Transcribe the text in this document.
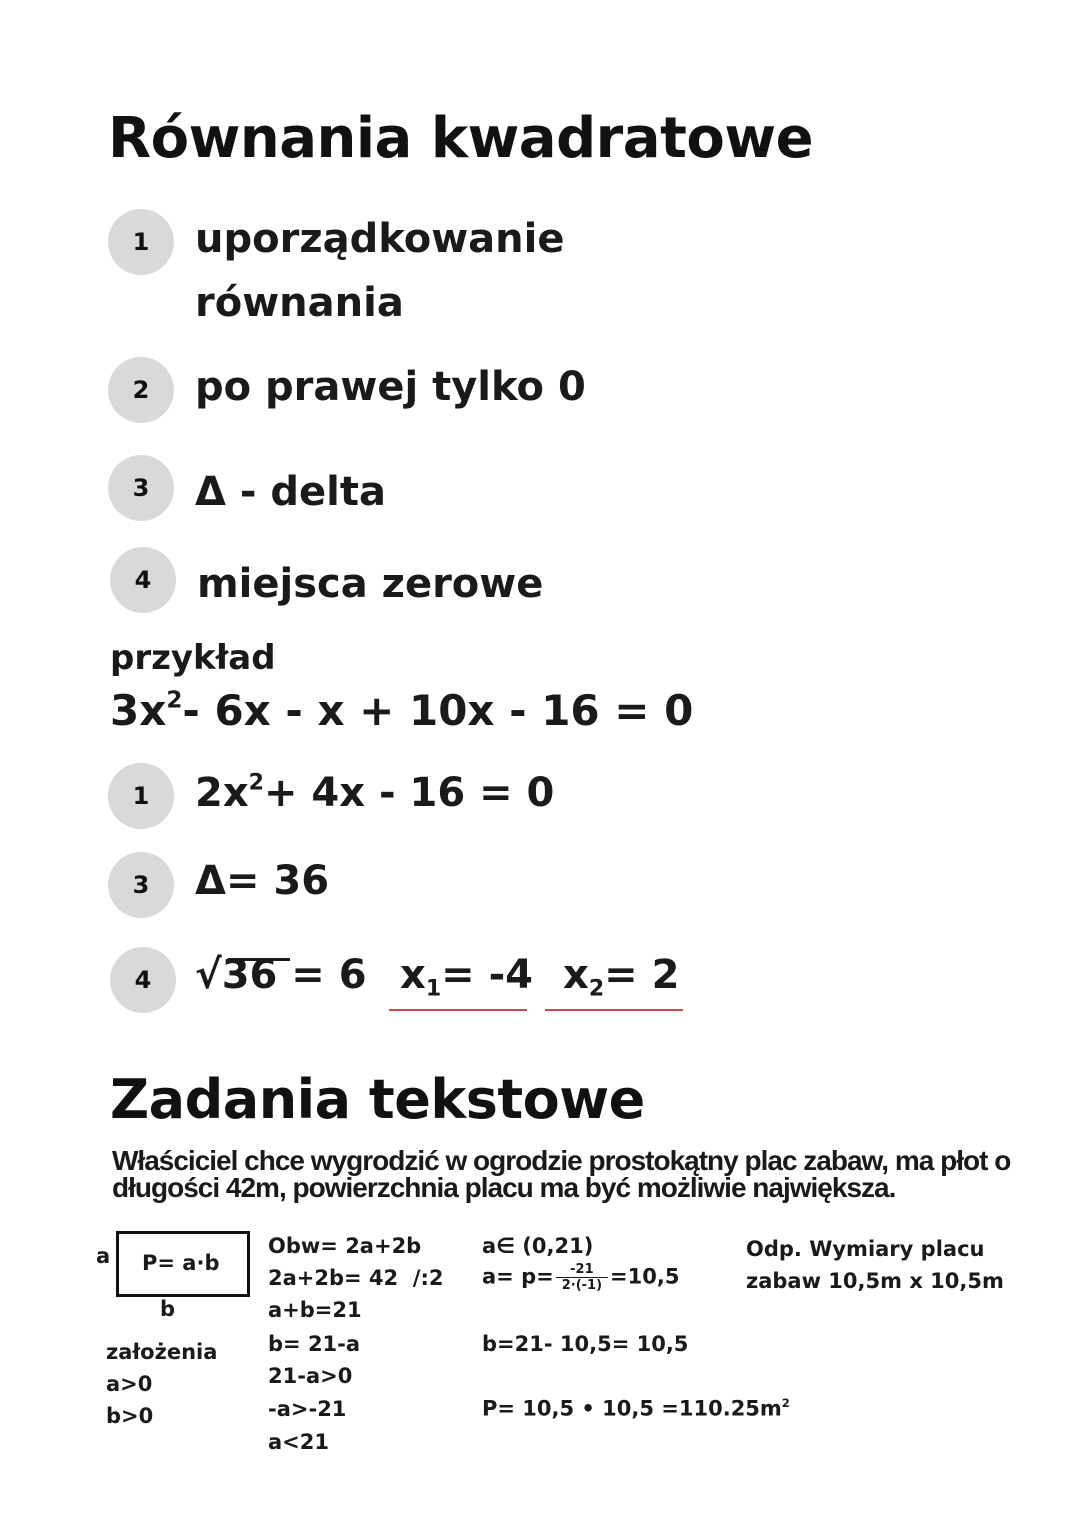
Równania kwadratowe
1	uporządkowanie
równania
2	po prawej tylko 0
3	Δ - delta
4	miejsca zerowe
przykład
$3x^2-$ 6x - x + 10x - 16 = 0
1	$2x^2+ 4x - 16 = 0$
3	Δ= 36
4	√36 = 6 $x_1= -4$ $x_2= 2$
Zadania tekstowe
Właściciel chce wygrodzić w ogrodzie prostokątny plac zabaw, ma płot o
długości 42m, powierzchnia placu ma być możliwie największa.
a P= a·b
b
założenia
a>0
b>0
Obw= 2a+2b
2a+2b= 42  /:2
a+b=21
b= 21-a
21-a>0
-a>-21
a<21
a∈ (0,21)
$a= p= \frac{-21}{2\cdot(-1)} =10,5$
b=21- 10,5= 10,5
P= 10,5 • $10,5 =110.25m^2$
Odp. Wymiary placu
zabaw 10,5m x 10,5m
